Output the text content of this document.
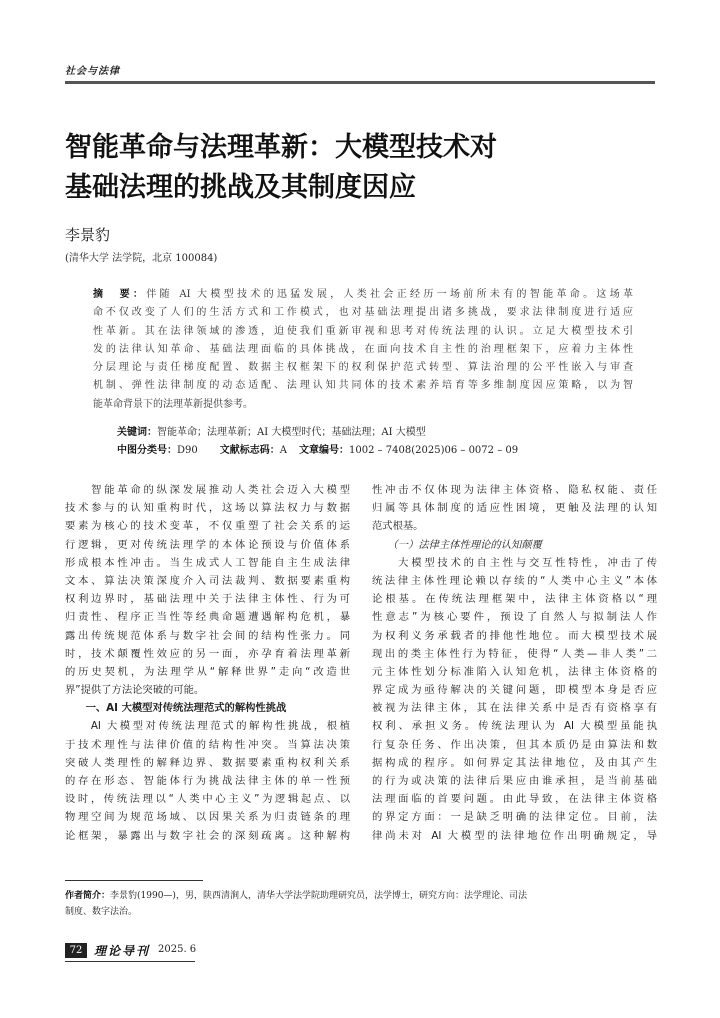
社会与法律
智能革命与法理革新：大模型技术对
基础法理的挑战及其制度因应
李景豹
(清华大学 法学院，北京 100084)
摘　要：伴随 AI 大模型技术的迅猛发展，人类社会正经历一场前所未有的智能革命。这场革
命不仅改变了人们的生活方式和工作模式，也对基础法理提出诸多挑战，要求法律制度进行适应
性革新。其在法律领域的渗透，迫使我们重新审视和思考对传统法理的认识。立足大模型技术引
发的法律认知革命、基础法理面临的具体挑战，在面向技术自主性的治理框架下，应着力主体性
分层理论与责任梯度配置、数据主权框架下的权利保护范式转型、算法治理的公平性嵌入与审查
机制、弹性法律制度的动态适配、法理认知共同体的技术素养培育等多维制度因应策略，以为智
能革命背景下的法理革新提供参考。
关键词：智能革命；法理革新；AI 大模型时代；基础法理；AI 大模型
中图分类号：D90 文献标志码：A 文章编号：1002 – 7408(2025)06 – 0072 – 09
　　智能革命的纵深发展推动人类社会迈入大模型
技术参与的认知重构时代，这场以算法权力与数据
要素为核心的技术变革，不仅重塑了社会关系的运
行逻辑，更对传统法理学的本体论预设与价值体系
形成根本性冲击。当生成式人工智能自主生成法律
文本、算法决策深度介入司法裁判、数据要素重构
权利边界时，基础法理中关于法律主体性、行为可
归责性、程序正当性等经典命题遭遇解构危机，暴
露出传统规范体系与数字社会间的结构性张力。同
时，技术颠覆性效应的另一面，亦孕育着法理革新
的历史契机，为法理学从“解释世界”走向“改造世
界”提供了方法论突破的可能。
　　一、AI 大模型对传统法理范式的解构性挑战
　　AI 大模型对传统法理范式的解构性挑战，根植
于技术理性与法律价值的结构性冲突。当算法决策
突破人类理性的解释边界、数据要素重构权利关系
的存在形态、智能体行为挑战法律主体的单一性预
设时，传统法理以“人类中心主义”为逻辑起点、以
物理空间为规范场域、以因果关系为归责链条的理
论框架，暴露出与数字社会的深刻疏离。这种解构
性冲击不仅体现为法律主体资格、隐私权能、责任
归属等具体制度的适应性困境，更触及法理的认知
范式根基。
　　（一）法律主体性理论的认知颠覆
　　大模型技术的自主性与交互性特性，冲击了传
统法律主体性理论赖以存续的“人类中心主义”本体
论根基。在传统法理框架中，法律主体资格以“理
性意志”为核心要件，预设了自然人与拟制法人作
为权利义务承载者的排他性地位。而大模型技术展
现出的类主体性行为特征，使得“人类—非人类”二
元主体性划分标准陷入认知危机，法律主体资格的
界定成为亟待解决的关键问题，即模型本身是否应
被视为法律主体，其在法律关系中是否有资格享有
权利、承担义务。传统法理认为 AI 大模型虽能执
行复杂任务、作出决策，但其本质仍是由算法和数
据构成的程序。如何界定其法律地位，及由其产生
的行为或决策的法律后果应由谁承担，是当前基础
法理面临的首要问题。由此导致，在法律主体资格
的界定方面：一是缺乏明确的法律定位。目前，法
律尚未对 AI 大模型的法律地位作出明确规定，导
作者简介：李景豹(1990—)，男，陕西清涧人，清华大学法学院助理研究员，法学博士，研究方向：法学理论、司法
制度、数字法治。
72 理论导刊 2025. 6
